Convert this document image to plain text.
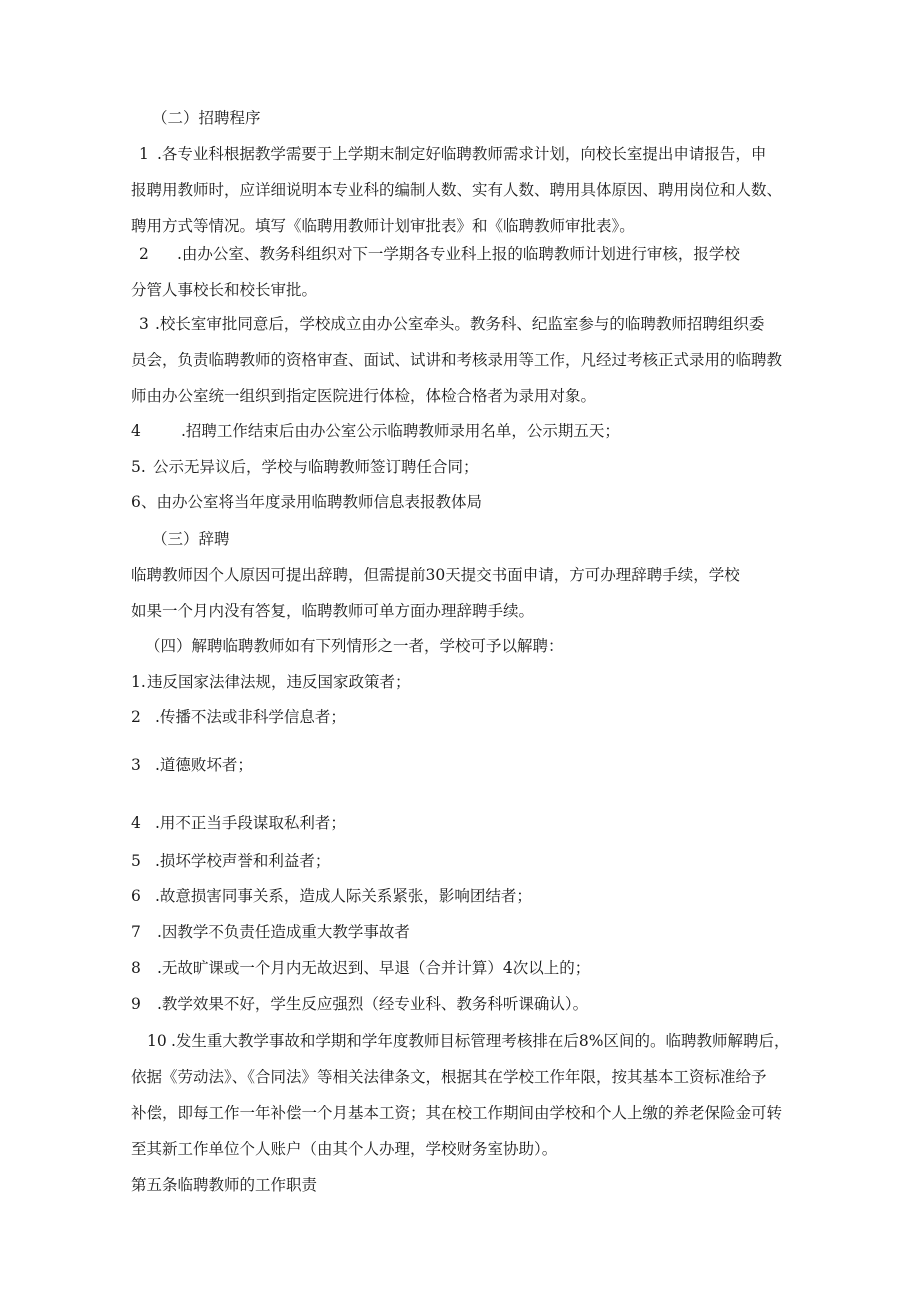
（二）招聘程序

1 .各专业科根据教学需要于上学期末制定好临聘教师需求计划，向校长室提出申请报告，申
报聘用教师时，应详细说明本专业科的编制人数、实有人数、聘用具体原因、聘用岗位和人数、
聘用方式等情况。填写《临聘用教师计划审批表》和《临聘教师审批表》。
2 .由办公室、教务科组织对下一学期各专业科上报的临聘教师计划进行审核，报学校
分管人事校长和校长审批。
3 .校长室审批同意后，学校成立由办公室牵头。教务科、纪监室参与的临聘教师招聘组织委
员会，负责临聘教师的资格审查、面试、试讲和考核录用等工作，凡经过考核正式录用的临聘教
师由办公室统一组织到指定医院进行体检，体检合格者为录用对象。

4	.招聘工作结束后由办公室公示临聘教师录用名单，公示期五天；

5. 公示无异议后，学校与临聘教师签订聘任合同；

6、由办公室将当年度录用临聘教师信息表报教体局

（三）辞聘

临聘教师因个人原因可提出辞聘，但需提前30天提交书面申请，方可办理辞聘手续，学校
如果一个月内没有答复，临聘教师可单方面办理辞聘手续。

（四）解聘临聘教师如有下列情形之一者，学校可予以解聘：

1.违反国家法律法规，违反国家政策者；

2 .传播不法或非科学信息者；

3 .道德败坏者；

4 .用不正当手段谋取私利者；

5 .损坏学校声誉和利益者；

6 .故意损害同事关系，造成人际关系紧张，影响团结者；

7 .因教学不负责任造成重大教学事故者

8 .无故旷课或一个月内无故迟到、早退（合并计算）4次以上的；

9 .教学效果不好，学生反应强烈（经专业科、教务科听课确认）。

10 .发生重大教学事故和学期和学年度教师目标管理考核排在后8%区间的。临聘教师解聘后，
依据《劳动法》、《合同法》等相关法律条文，根据其在学校工作年限，按其基本工资标准给予
补偿，即每工作一年补偿一个月基本工资；其在校工作期间由学校和个人上缴的养老保险金可转
至其新工作单位个人账户（由其个人办理，学校财务室协助）。

第五条临聘教师的工作职责
